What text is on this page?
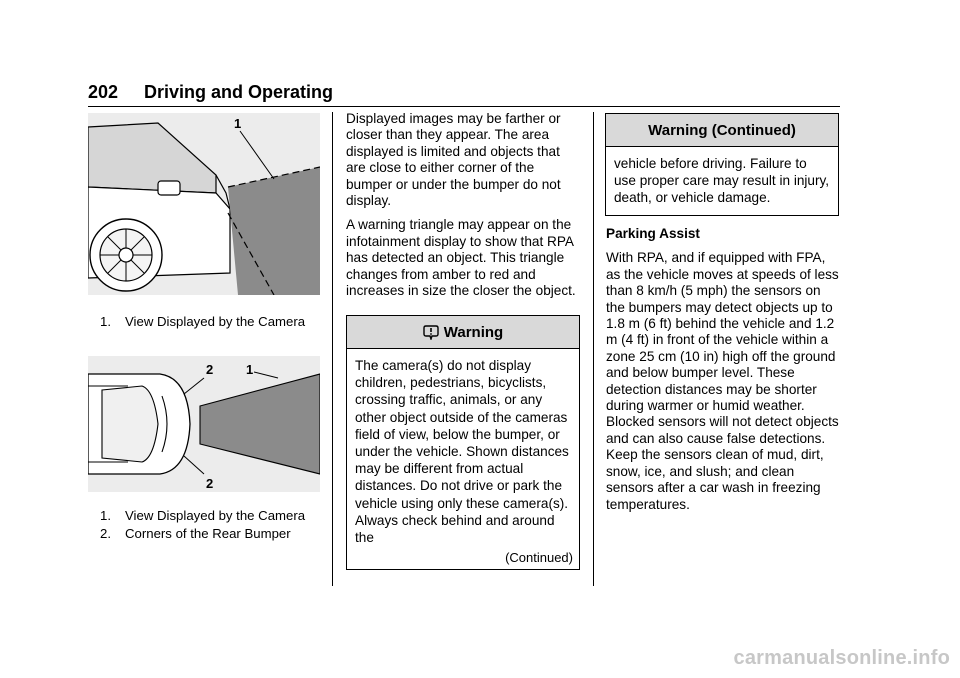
202 Driving and Operating
1
1. View Displayed by the Camera
2	1
2
1. View Displayed by the Camera
2. Corners of the Rear Bumper

Displayed images may be farther or closer than they appear. The area displayed is limited and objects that are close to either corner of the bumper or under the bumper do not display.

A warning triangle may appear on the infotainment display to show that RPA has detected an object. This triangle changes from amber to red and increases in size the closer the object.

Warning
The camera(s) do not display children, pedestrians, bicyclists, crossing traffic, animals, or any other object outside of the cameras field of view, below the bumper, or under the vehicle. Shown distances may be different from actual distances. Do not drive or park the vehicle using only these camera(s). Always check behind and around the
(Continued)
Warning (Continued)
vehicle before driving. Failure to use proper care may result in injury, death, or vehicle damage.

Parking Assist

With RPA, and if equipped with FPA, as the vehicle moves at speeds of less than 8 km/h (5 mph) the sensors on the bumpers may detect objects up to 1.8 m (6 ft) behind the vehicle and 1.2 m (4 ft) in front of the vehicle within a zone 25 cm (10 in) high off the ground and below bumper level. These detection distances may be shorter during warmer or humid weather. Blocked sensors will not detect objects and can also cause false detections. Keep the sensors clean of mud, dirt, snow, ice, and slush; and clean sensors after a car wash in freezing temperatures.

carmanualsonline.info
